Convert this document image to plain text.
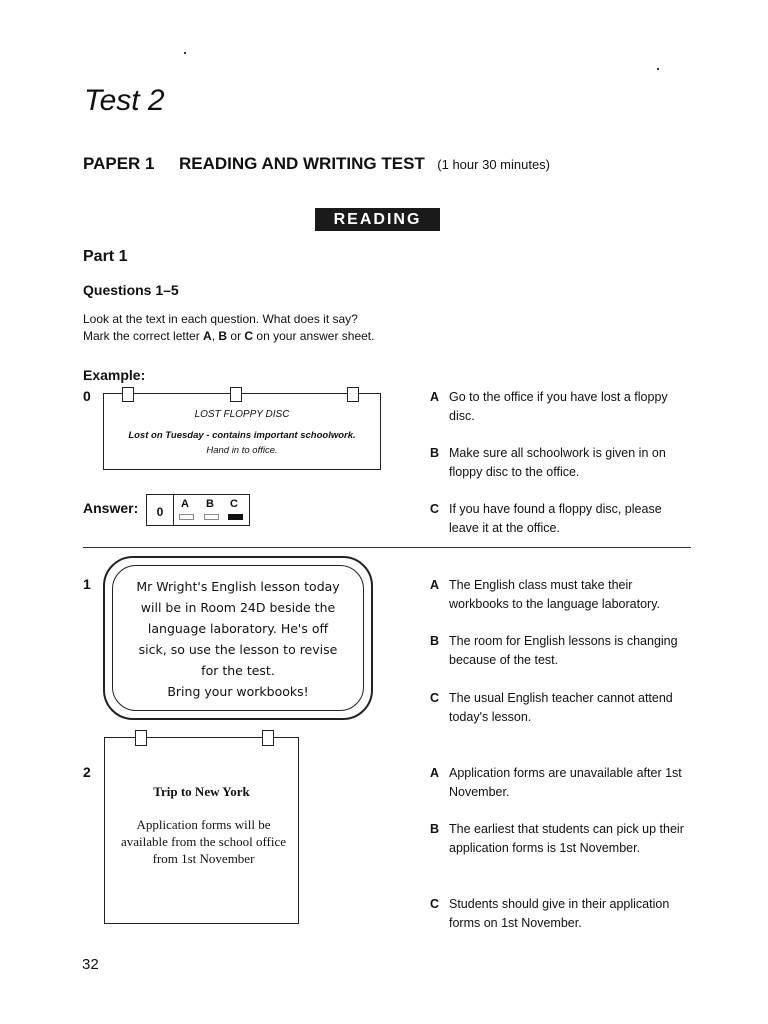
Test 2
PAPER 1 READING AND WRITING TEST (1 hour 30 minutes)
READING
Part 1
Questions 1–5
Look at the text in each question. What does it say?
Mark the correct letter A, B or C on your answer sheet.
Example:
0
LOST FLOPPY DISC
Lost on Tuesday - contains important schoolwork.
Hand in to office.
A Go to the office if you have lost a floppy disc.
B Make sure all schoolwork is given in on floppy disc to the office.
C If you have found a floppy disc, please leave it at the office.
Answer:	0
A B C
1	Mr Wright's English lesson today
will be in Room 24D beside the
language laboratory. He's off
sick, so use the lesson to revise
for the test.
Bring your workbooks!
A The English class must take their workbooks to the language laboratory.
B The room for English lessons is changing because of the test.
C The usual English teacher cannot attend today's lesson.
2
Trip to New York
Application forms will be available from the school office from 1st November
A Application forms are unavailable after 1st November.
B The earliest that students can pick up their application forms is 1st November.
C Students should give in their application forms on 1st November.
32
